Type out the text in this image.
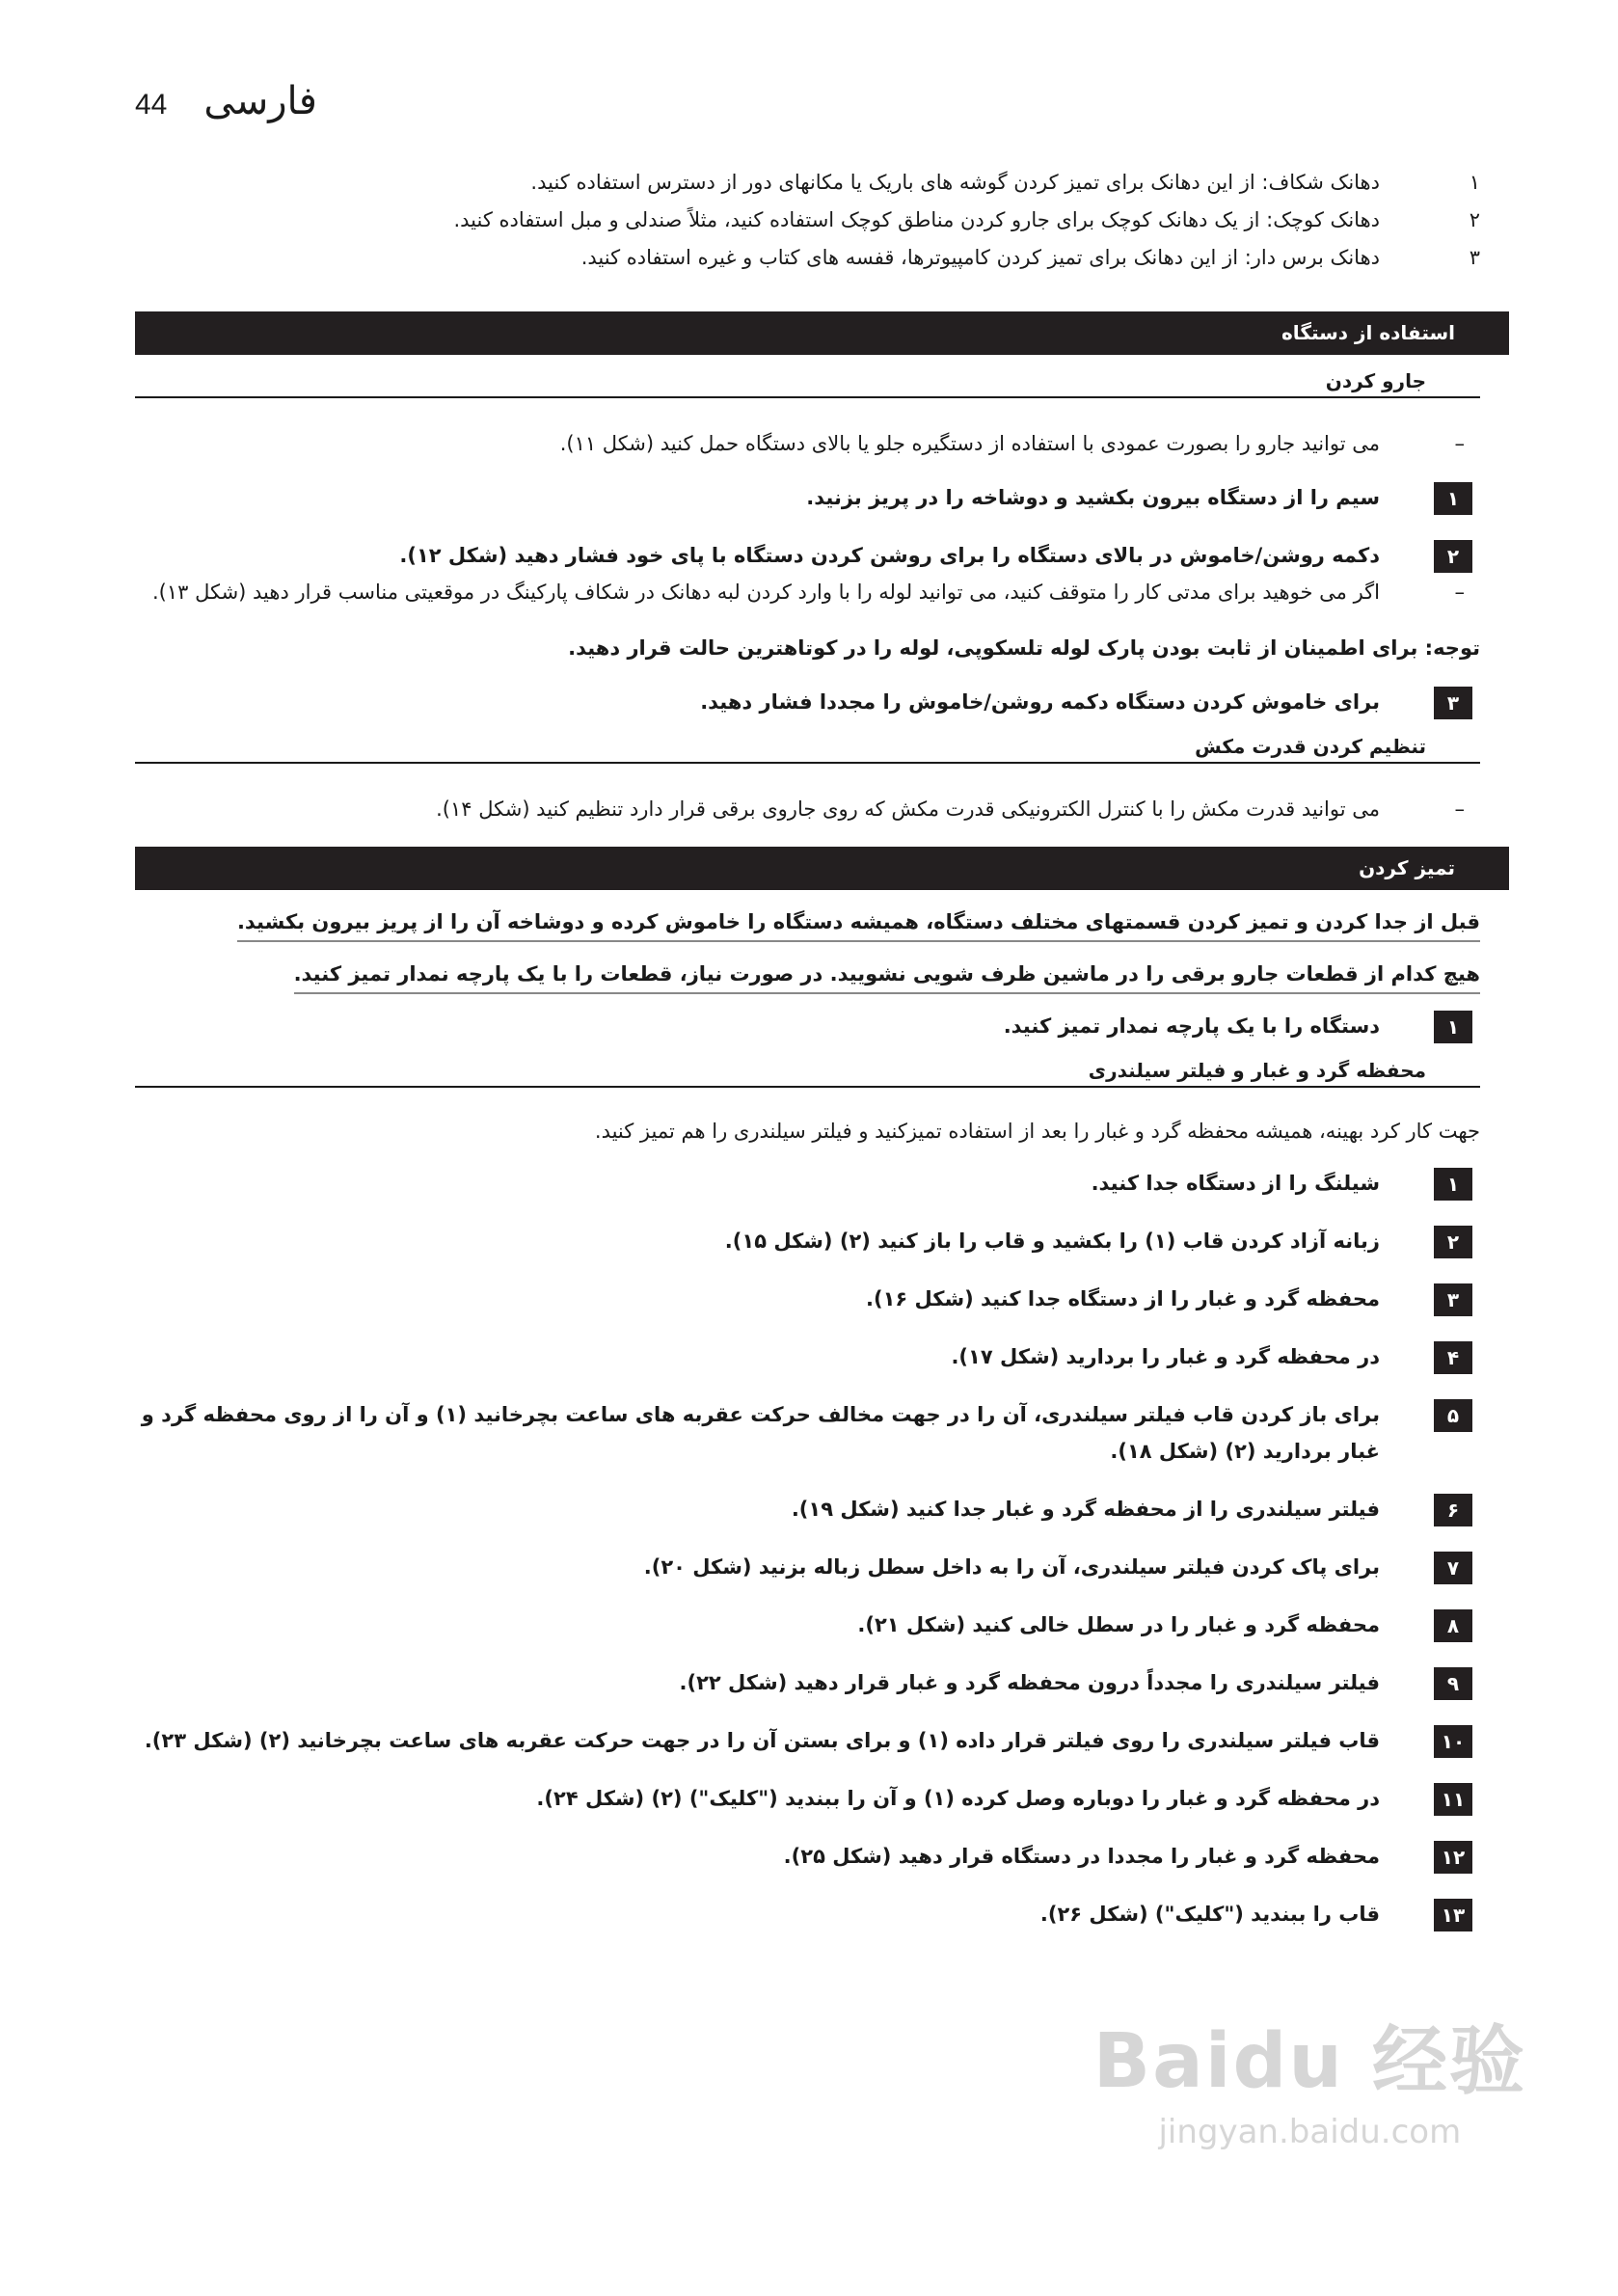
44 فارسی
۱
دهانک شکاف: از این دهانک برای تمیز کردن گوشه های باریک یا مکانهای دور از دسترس استفاده کنید.
۲
دهانک کوچک: از یک دهانک کوچک برای جارو کردن مناطق کوچک استفاده کنید، مثلاً صندلی و مبل استفاده کنید.
۳
دهانک برس دار: از این دهانک برای تمیز کردن کامپیوترها، قفسه های کتاب و غیره استفاده کنید.
استفاده از دستگاه
جارو کردن
–
می توانید جارو را بصورت عمودی با استفاده از دستگیره جلو یا بالای دستگاه حمل کنید (شکل ۱۱).
۱
سیم را از دستگاه بیرون بکشید و دوشاخه را در پریز بزنید.
۲
دکمه روشن/خاموش در بالای دستگاه را برای روشن کردن دستگاه با پای خود فشار دهید (شکل ۱۲).
–
اگر می خوهید برای مدتی کار را متوقف کنید، می توانید لوله را با وارد کردن لبه دهانک در شکاف پارکینگ در موقعیتی مناسب قرار دهید (شکل ۱۳).
توجه: برای اطمینان از ثابت بودن پارک لوله تلسکوپی، لوله را در کوتاهترین حالت قرار دهید.
۳
برای خاموش کردن دستگاه دکمه روشن/خاموش را مجددا فشار دهید.
تنظیم کردن قدرت مکش
–
می توانید قدرت مکش را با کنترل الکترونیکی قدرت مکش که روی جاروی برقی قرار دارد تنظیم کنید (شکل ۱۴).
تمیز کردن
قبل از جدا کردن و تمیز کردن قسمتهای مختلف دستگاه، همیشه دستگاه را خاموش کرده و دوشاخه آن را از پریز بیرون بکشید.
هیچ کدام از قطعات جارو برقی را در ماشین ظرف شویی نشویید. در صورت نیاز، قطعات را با یک پارچه نمدار تمیز کنید.
۱
دستگاه را با یک پارچه نمدار تمیز کنید.
محفظه گرد و غبار و فیلتر سیلندری
جهت کار کرد بهینه، همیشه محفظه گرد و غبار را بعد از استفاده تمیزکنید و فیلتر سیلندری را هم تمیز کنید.
۱
شیلنگ را از دستگاه جدا کنید.
۲
زبانه آزاد کردن قاب (۱) را بکشید و قاب را باز کنید (۲) (شکل ۱۵).
۳
محفظه گرد و غبار را از دستگاه جدا کنید (شکل ۱۶).
۴
در محفظه گرد و غبار را بردارید (شکل ۱۷).
۵
برای باز کردن قاب فیلتر سیلندری، آن را در جهت مخالف حرکت عقربه های ساعت بچرخانید (۱) و آن را از روی محفظه گرد و غبار بردارید (۲) (شکل ۱۸).
۶
فیلتر سیلندری را از محفظه گرد و غبار جدا کنید (شکل ۱۹).
۷
برای پاک کردن فیلتر سیلندری، آن را به داخل سطل زباله بزنید (شکل ۲۰).
۸
محفظه گرد و غبار را در سطل خالی کنید (شکل ۲۱).
۹
فیلتر سیلندری را مجدداً درون محفظه گرد و غبار قرار دهید (شکل ۲۲).
۱۰
قاب فیلتر سیلندری را روی فیلتر قرار داده (۱) و برای بستن آن را در جهت حرکت عقربه های ساعت بچرخانید (۲) (شکل ۲۳).
۱۱
در محفظه گرد و غبار را دوباره وصل کرده (۱) و آن را ببندید ("کلیک") (۲) (شکل ۲۴).
۱۲
محفظه گرد و غبار را مجددا در دستگاه قرار دهید (شکل ۲۵).
۱۳
قاب را ببندید ("کلیک") (شکل ۲۶).
Baidu 经验
jingyan.baidu.com
